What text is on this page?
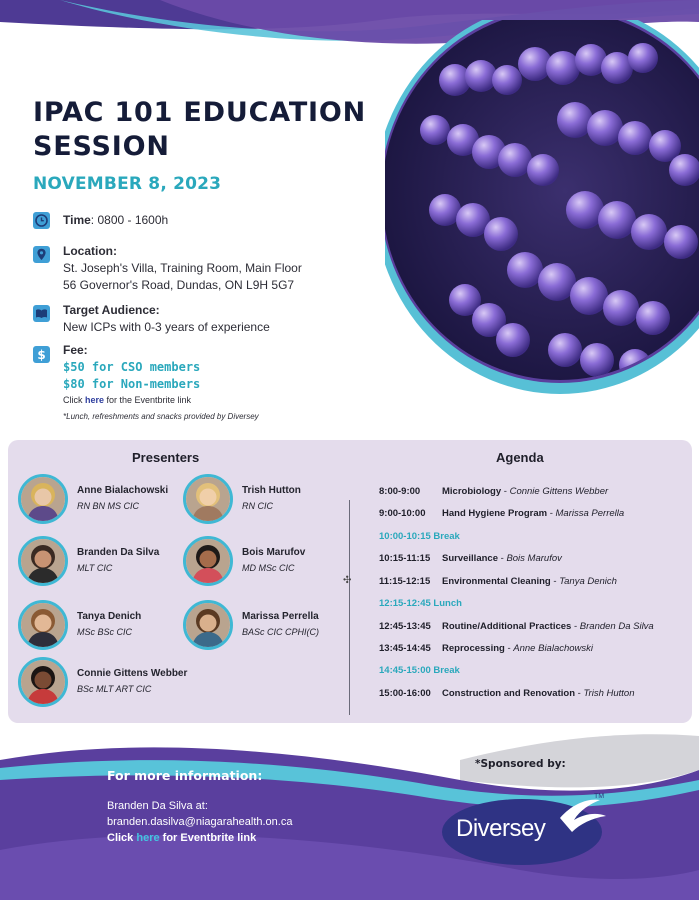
IPAC 101 EDUCATION
SESSION
NOVEMBER 8, 2023
Time: 0800 - 1600h
Location:
St. Joseph's Villa, Training Room, Main Floor
56 Governor's Road, Dundas, ON L9H 5G7
Target Audience:
New ICPs with 0-3 years of experience
$ Fee:
$50 for CSO members
$80 for Non-members
Click here for the Eventbrite link
*Lunch, refreshments and snacks provided by Diversey
Presenters	Agenda
✣
Anne Bialachowski
RN BN MS CIC
Trish Hutton
RN CIC
Branden Da Silva
MLT CIC
Bois Marufov
MD MSc CIC
Tanya Denich
MSc BSc CIC
Marissa Perrella
BASc CIC CPHI(C)
Connie Gittens Webber
BSc MLT ART CIC
8:00-9:00 Microbiology - Connie Gittens Webber
9:00-10:00 Hand Hygiene Program - Marissa Perrella
10:00-10:15 Break
10:15-11:15 Surveillance - Bois Marufov
11:15-12:15 Environmental Cleaning - Tanya Denich
12:15-12:45 Lunch
12:45-13:45 Routine/Additional Practices - Branden Da Silva
13:45-14:45 Reprocessing - Anne Bialachowski
14:45-15:00 Break
15:00-16:00 Construction and Renovation - Trish Hutton
For more information:
Branden Da Silva at:
branden.dasilva@niagarahealth.on.ca
Click here for Eventbrite link
*Sponsored by:
Diversey
TM
